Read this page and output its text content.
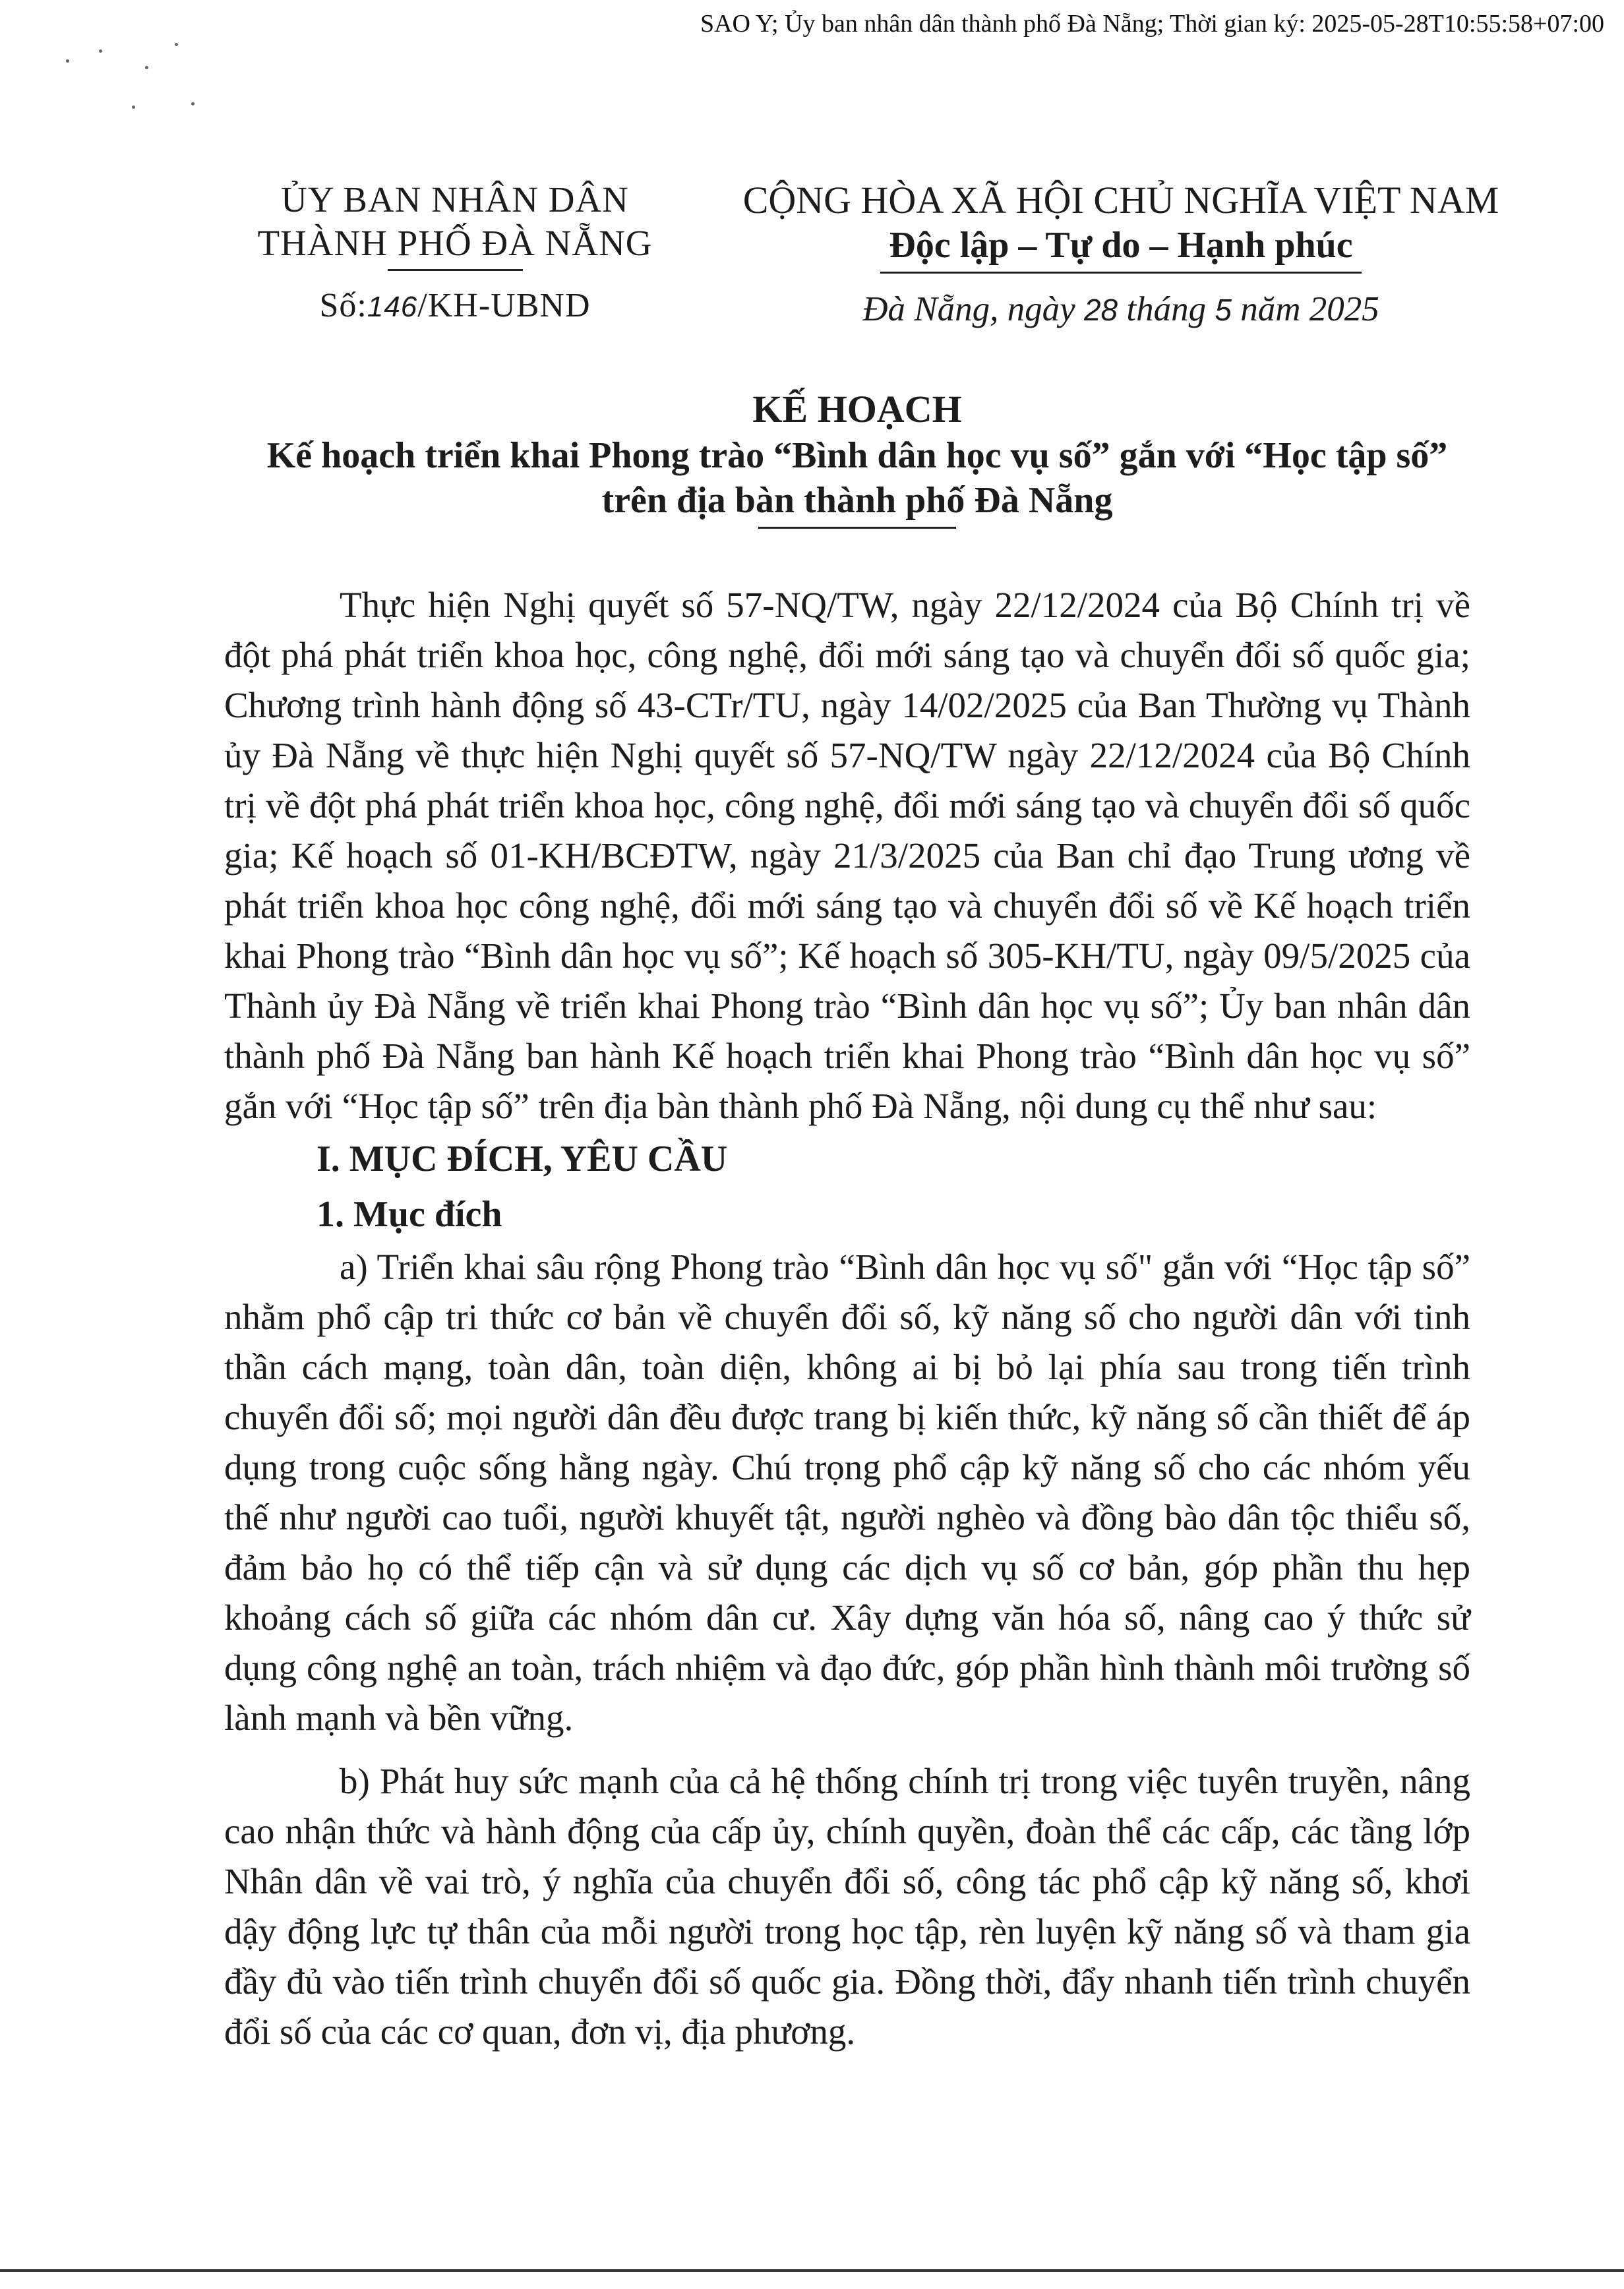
SAO Y; Ủy ban nhân dân thành phố Đà Nẵng; Thời gian ký: 2025-05-28T10:55:58+07:00
ỦY BAN NHÂN DÂN
THÀNH PHỐ ĐÀ NẴNG
Số:146/KH-UBND
CỘNG HÒA XÃ HỘI CHỦ NGHĨA VIỆT NAM
Độc lập – Tự do – Hạnh phúc
Đà Nẵng, ngày 28 tháng 5 năm 2025
KẾ HOẠCH
Kế hoạch triển khai Phong trào “Bình dân học vụ số” gắn với “Học tập số”
trên địa bàn thành phố Đà Nẵng

Thực hiện Nghị quyết số 57-NQ/TW, ngày 22/12/2024 của Bộ Chính trị về đột phá phát triển khoa học, công nghệ, đổi mới sáng tạo và chuyển đổi số quốc gia; Chương trình hành động số 43-CTr/TU, ngày 14/02/2025 của Ban Thường vụ Thành ủy Đà Nẵng về thực hiện Nghị quyết số 57-NQ/TW ngày 22/12/2024 của Bộ Chính trị về đột phá phát triển khoa học, công nghệ, đổi mới sáng tạo và chuyển đổi số quốc gia; Kế hoạch số 01-KH/BCĐTW, ngày 21/3/2025 của Ban chỉ đạo Trung ương về phát triển khoa học công nghệ, đổi mới sáng tạo và chuyển đổi số về Kế hoạch triển khai Phong trào “Bình dân học vụ số”; Kế hoạch số 305-KH/TU, ngày 09/5/2025 của Thành ủy Đà Nẵng về triển khai Phong trào “Bình dân học vụ số”; Ủy ban nhân dân thành phố Đà Nẵng ban hành Kế hoạch triển khai Phong trào “Bình dân học vụ số” gắn với “Học tập số” trên địa bàn thành phố Đà Nẵng, nội dung cụ thể như sau:

I. MỤC ĐÍCH, YÊU CẦU

1. Mục đích

a) Triển khai sâu rộng Phong trào “Bình dân học vụ số" gắn với “Học tập số” nhằm phổ cập tri thức cơ bản về chuyển đổi số, kỹ năng số cho người dân với tinh thần cách mạng, toàn dân, toàn diện, không ai bị bỏ lại phía sau trong tiến trình chuyển đổi số; mọi người dân đều được trang bị kiến thức, kỹ năng số cần thiết để áp dụng trong cuộc sống hằng ngày. Chú trọng phổ cập kỹ năng số cho các nhóm yếu thế như người cao tuổi, người khuyết tật, người nghèo và đồng bào dân tộc thiểu số, đảm bảo họ có thể tiếp cận và sử dụng các dịch vụ số cơ bản, góp phần thu hẹp khoảng cách số giữa các nhóm dân cư. Xây dựng văn hóa số, nâng cao ý thức sử dụng công nghệ an toàn, trách nhiệm và đạo đức, góp phần hình thành môi trường số lành mạnh và bền vững.

b) Phát huy sức mạnh của cả hệ thống chính trị trong việc tuyên truyền, nâng cao nhận thức và hành động của cấp ủy, chính quyền, đoàn thể các cấp, các tầng lớp Nhân dân về vai trò, ý nghĩa của chuyển đổi số, công tác phổ cập kỹ năng số, khơi dậy động lực tự thân của mỗi người trong học tập, rèn luyện kỹ năng số và tham gia đầy đủ vào tiến trình chuyển đổi số quốc gia. Đồng thời, đẩy nhanh tiến trình chuyển đổi số của các cơ quan, đơn vị, địa phương.
